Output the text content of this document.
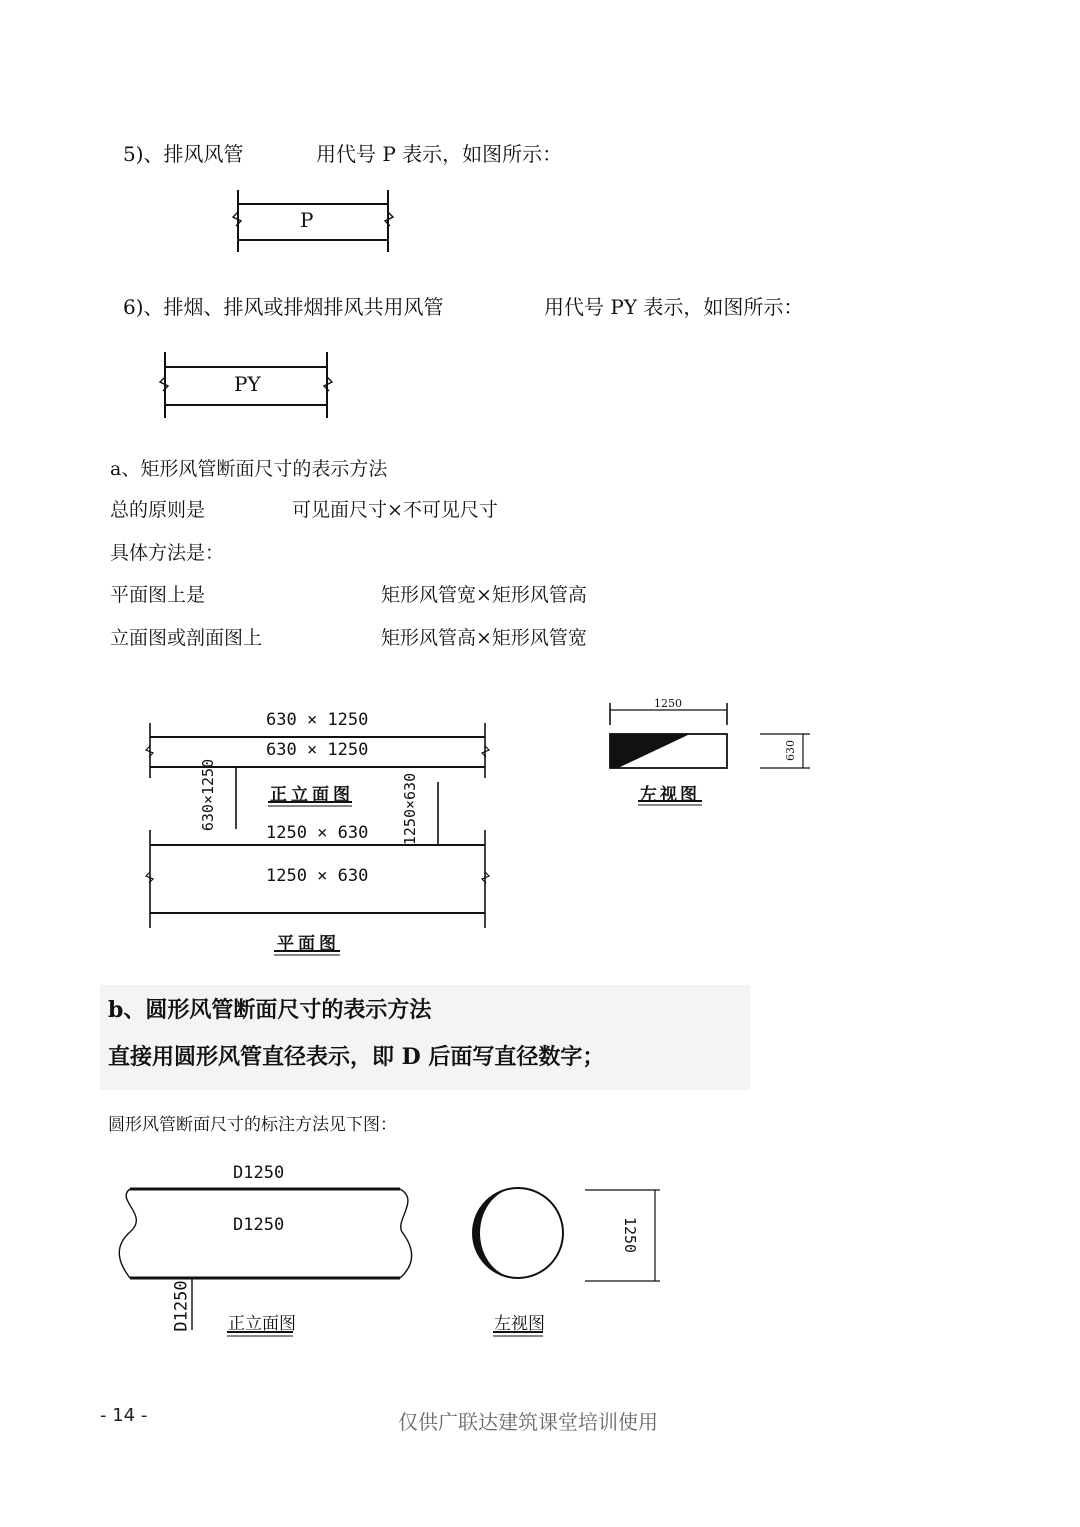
5)、排风风管	用代号 P 表示，如图所示：
P
6)、排烟、排风或排烟排风共用风管	用代号 PY 表示，如图所示：
PY
a、矩形风管断面尺寸的表示方法
总的原则是	可见面尺寸×不可见尺寸
具体方法是：
平面图上是	矩形风管宽×矩形风管高
立面图或剖面图上	矩形风管高×矩形风管宽
630 × 1250
630 × 1250
正立面图
630×1250	1250×630
1250 × 630
1250 × 630
平面图
1250
630
左视图
b、圆形风管断面尺寸的表示方法
直接用圆形风管直径表示，即 D 后面写直径数字；
圆形风管断面尺寸的标注方法见下图：
D1250
D1250
D1250 正立面图
1250
左视图
- 14 -	仅供广联达建筑课堂培训使用
